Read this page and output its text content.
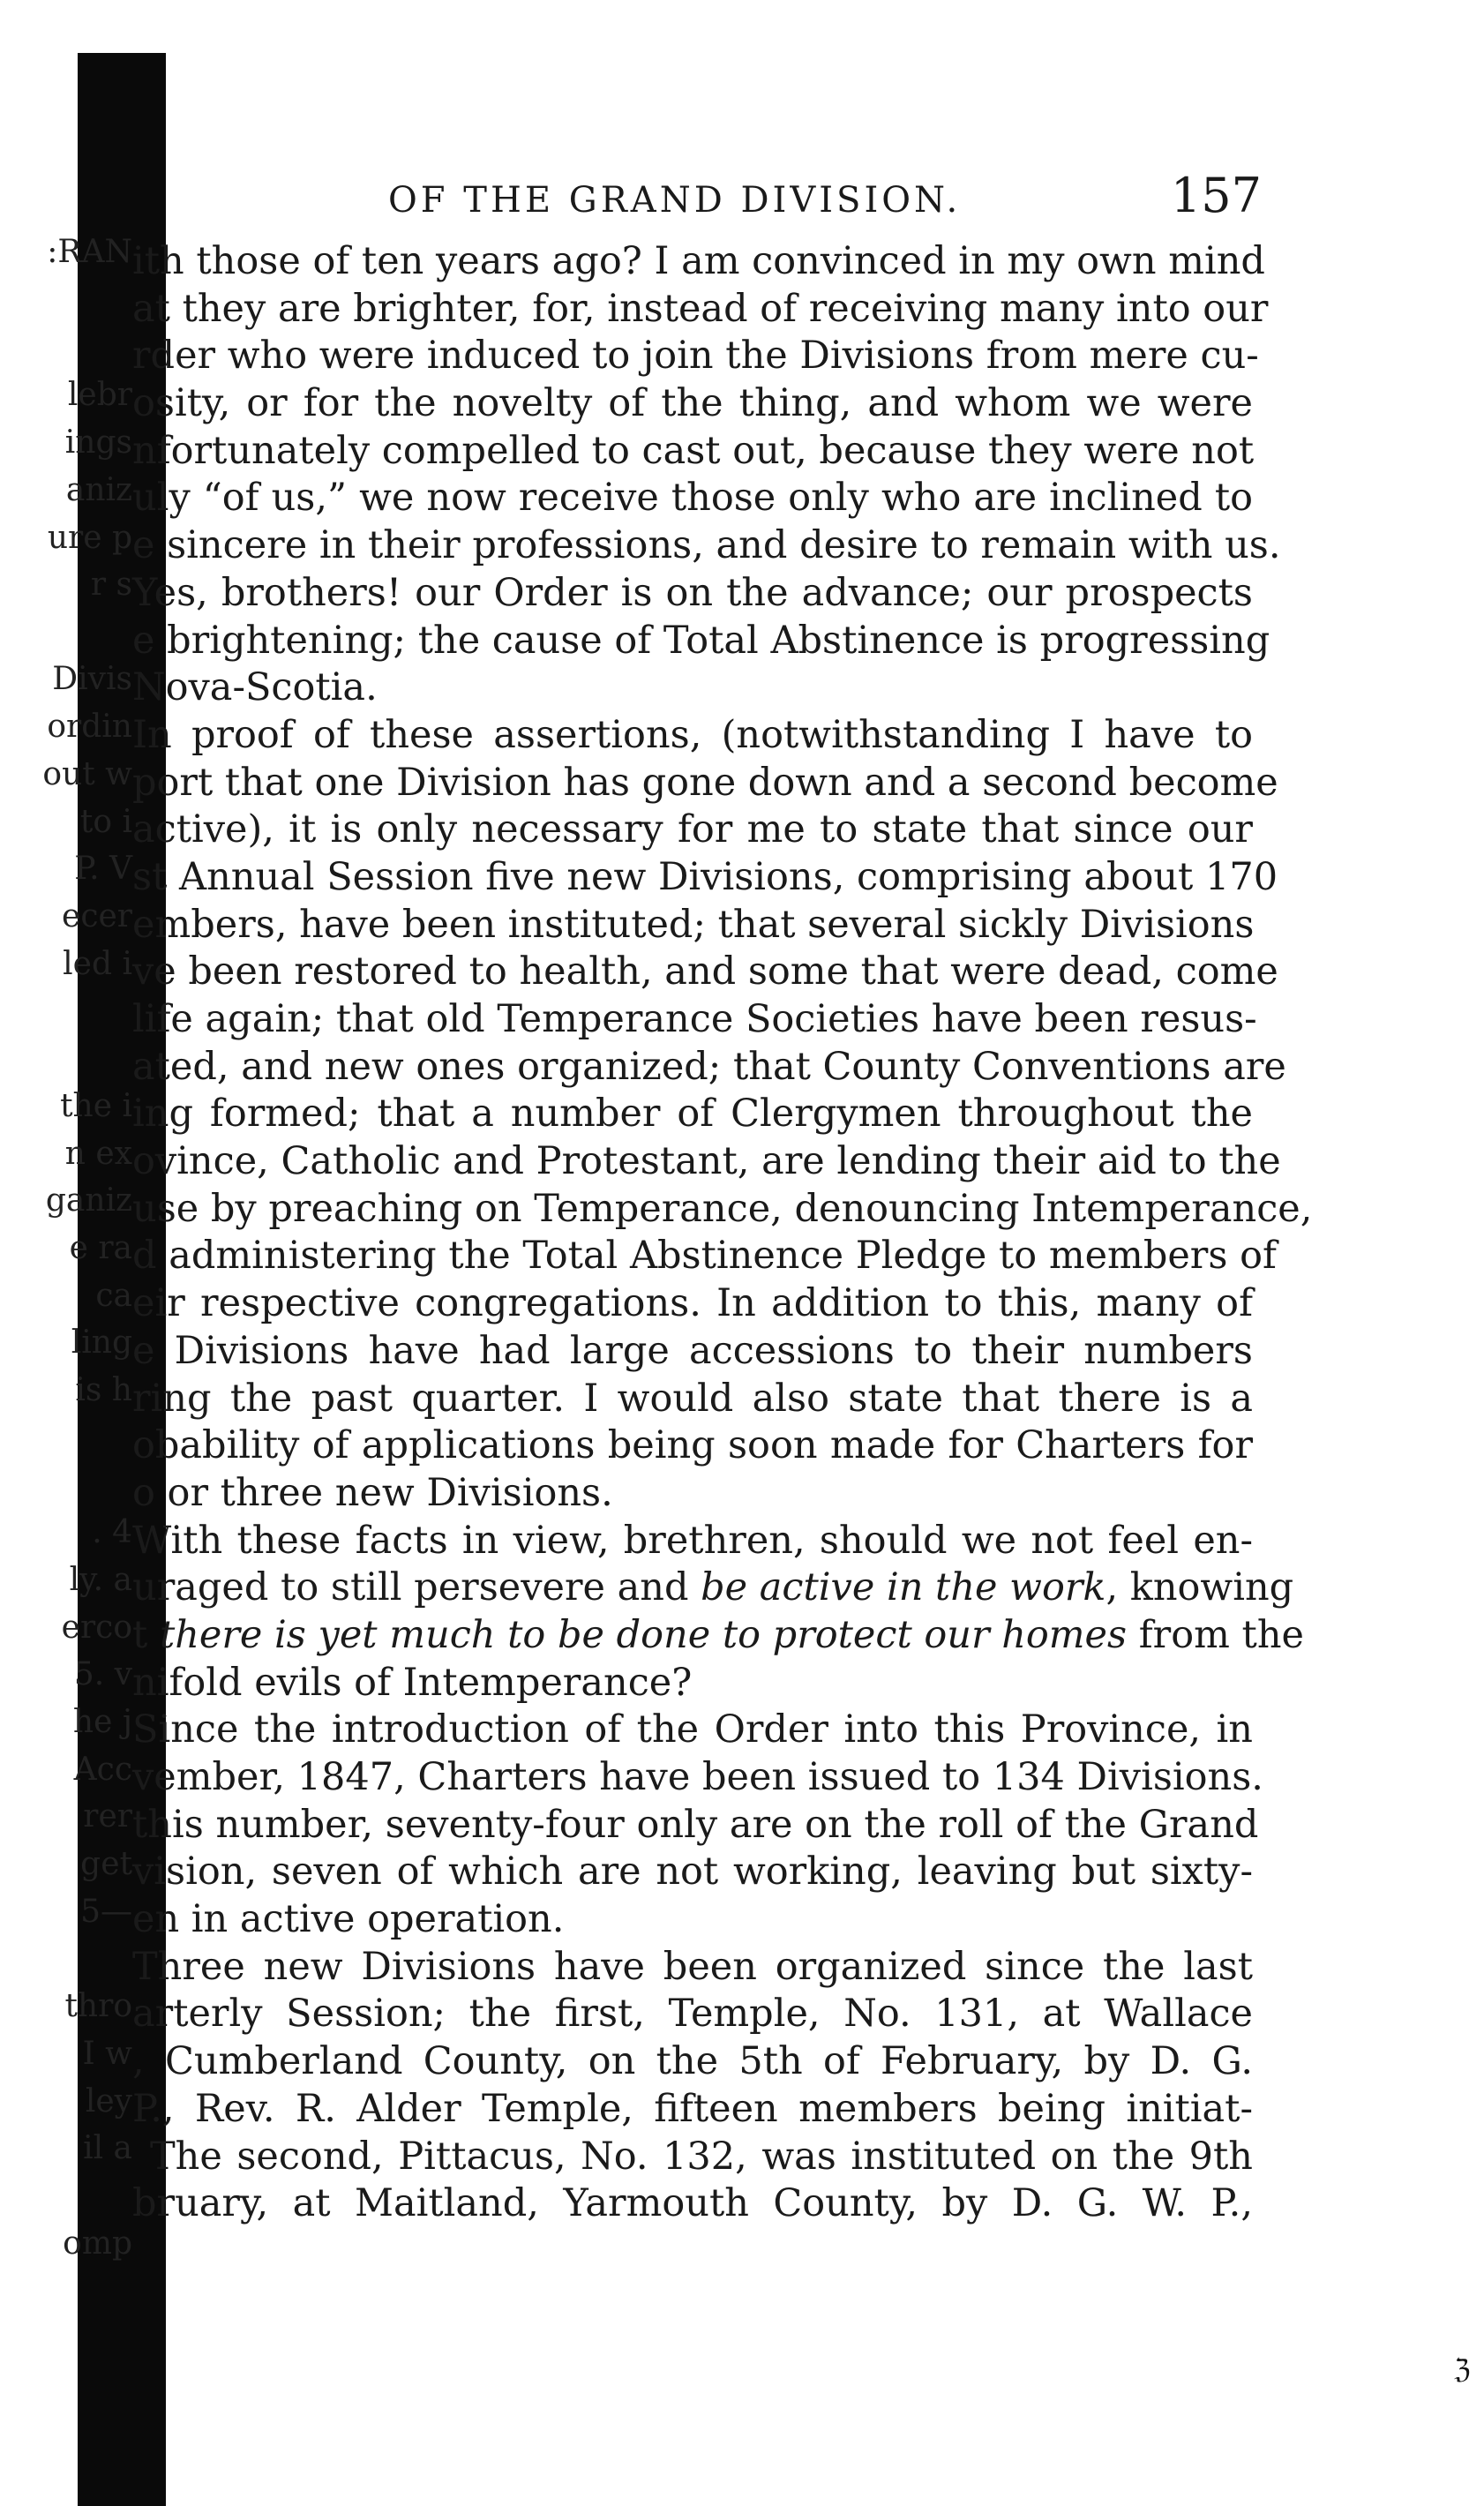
:RAN
lebr
ings
aniz
ure p
r s
Divis
ordin
out w
to i
P. V
ecer
led i
the i
n ex
ganiz
e ra
ca
ling
is h
. 4
ly. a
erco
5. v
he j
Acc
rer
get
5—
thro
I w
ley
il a
omp
OF THE GRAND DIVISION.	157
ith those of ten years ago? I am convinced in my own mind
at they are brighter, for, instead of receiving many into our
rder who were induced to join the Divisions from mere cu-
osity, or for the novelty of the thing, and whom we were
nfortunately compelled to cast out, because they were not
uly “of us,” we now receive those only who are inclined to
e sincere in their professions, and desire to remain with us.
Yes, brothers! our Order is on the advance; our prospects
e brightening; the cause of Total Abstinence is progressing
Nova-Scotia.
In proof of these assertions, (notwithstanding I have to
port that one Division has gone down and a second become
active), it is only necessary for me to state that since our
st Annual Session five new Divisions, comprising about 170
embers, have been instituted; that several sickly Divisions
ve been restored to health, and some that were dead, come
life again; that old Temperance Societies have been resus-
ated, and new ones organized; that County Conventions are
ing formed; that a number of Clergymen throughout the
ovince, Catholic and Protestant, are lending their aid to the
use by preaching on Temperance, denouncing Intemperance,
d administering the Total Abstinence Pledge to members of
eir respective congregations. In addition to this, many of
e Divisions have had large accessions to their numbers
ring the past quarter. I would also state that there is a
obability of applications being soon made for Charters for
o or three new Divisions.
With these facts in view, brethren, should we not feel en-
uraged to still persevere and be active in the work, knowing
t there is yet much to be done to protect our homes from the
nifold evils of Intemperance?
Since the introduction of the Order into this Province, in
vember, 1847, Charters have been issued to 134 Divisions.
this number, seventy-four only are on the roll of the Grand
vision, seven of which are not working, leaving but sixty-
en in active operation.
Three new Divisions have been organized since the last
arterly Session; the first, Temple, No. 131, at Wallace
, Cumberland County, on the 5th of February, by D. G.
P., Rev. R. Alder Temple, fifteen members being initiat-
The second, Pittacus, No. 132, was instituted on the 9th
bruary, at Maitland, Yarmouth County, by D. G. W. P.,
ℨ
